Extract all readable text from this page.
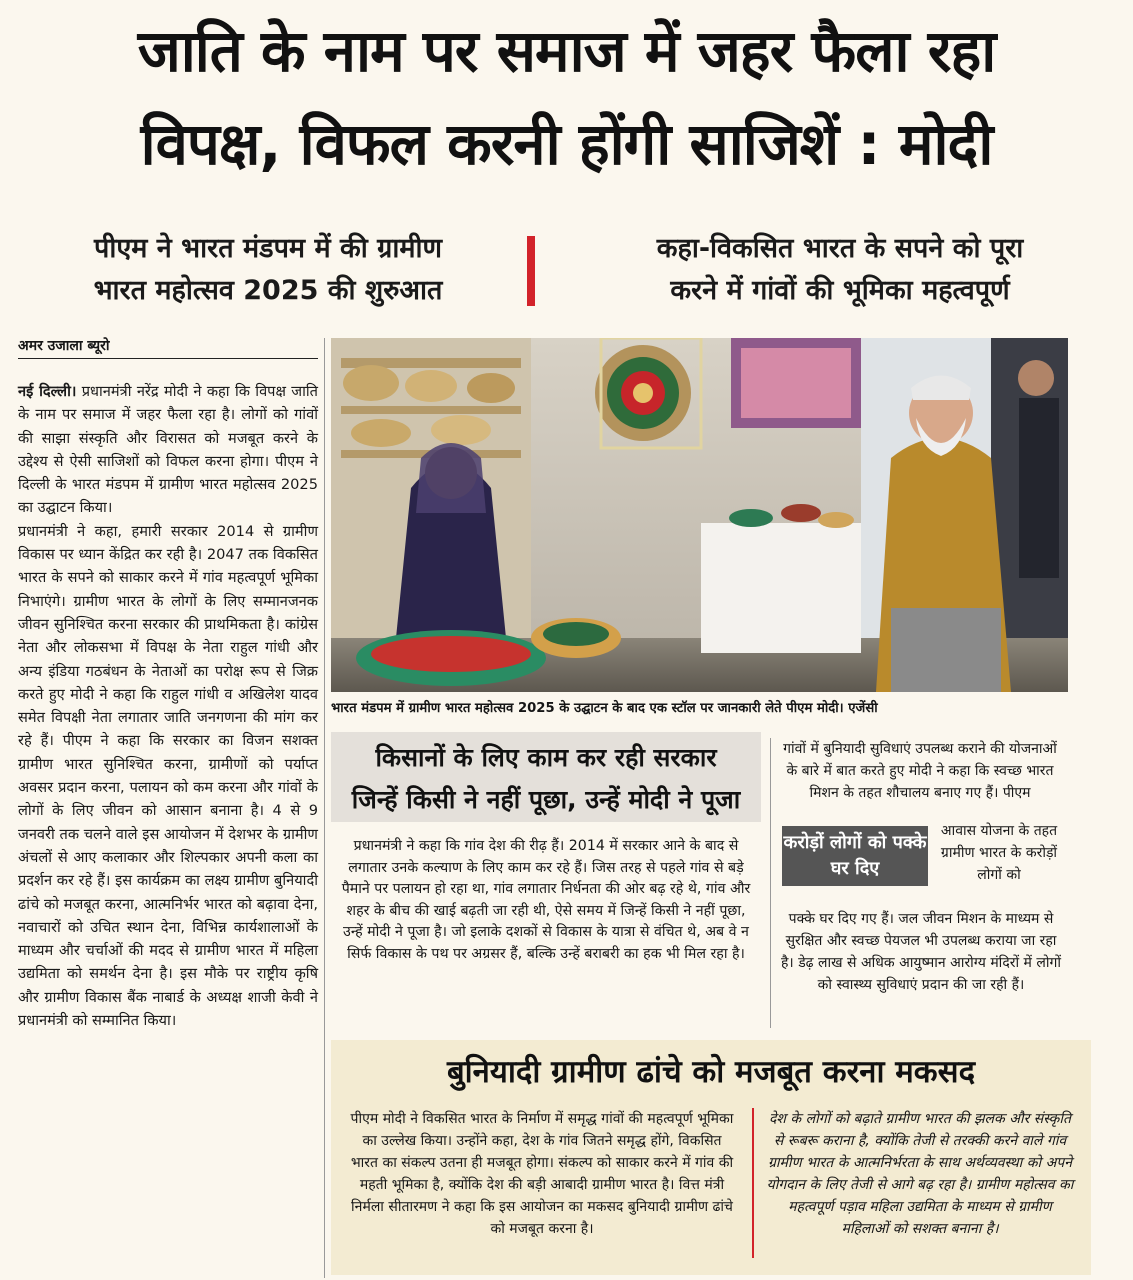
जाति के नाम पर समाज में जहर फैला रहा
विपक्ष, विफल करनी होंगी साजिशें : मोदी
पीएम ने भारत मंडपम में की ग्रामीण
भारत महोत्सव 2025 की शुरुआत
कहा-विकसित भारत के सपने को पूरा
करने में गांवों की भूमिका महत्वपूर्ण
अमर उजाला ब्यूरो

नई दिल्ली। प्रधानमंत्री नरेंद्र मोदी ने कहा कि विपक्ष जाति के नाम पर समाज में जहर फैला रहा है। लोगों को गांवों की साझा संस्कृति और विरासत को मजबूत करने के उद्देश्य से ऐसी साजिशों को विफल करना होगा। पीएम ने दिल्ली के भारत मंडपम में ग्रामीण भारत महोत्सव 2025 का उद्घाटन किया।

प्रधानमंत्री ने कहा, हमारी सरकार 2014 से ग्रामीण विकास पर ध्यान केंद्रित कर रही है। 2047 तक विकसित भारत के सपने को साकार करने में गांव महत्वपूर्ण भूमिका निभाएंगे। ग्रामीण भारत के लोगों के लिए सम्मानजनक जीवन सुनिश्चित करना सरकार की प्राथमिकता है। कांग्रेस नेता और लोकसभा में विपक्ष के नेता राहुल गांधी और अन्य इंडिया गठबंधन के नेताओं का परोक्ष रूप से जिक्र करते हुए मोदी ने कहा कि राहुल गांधी व अखिलेश यादव समेत विपक्षी नेता लगातार जाति जनगणना की मांग कर रहे हैं। पीएम ने कहा कि सरकार का विजन सशक्त ग्रामीण भारत सुनिश्चित करना, ग्रामीणों को पर्याप्त अवसर प्रदान करना, पलायन को कम करना और गांवों के लोगों के लिए जीवन को आसान बनाना है। 4 से 9 जनवरी तक चलने वाले इस आयोजन में देशभर के ग्रामीण अंचलों से आए कलाकार और शिल्पकार अपनी कला का प्रदर्शन कर रहे हैं। इस कार्यक्रम का लक्ष्य ग्रामीण बुनियादी ढांचे को मजबूत करना, आत्मनिर्भर भारत को बढ़ावा देना, नवाचारों को उचित स्थान देना, विभिन्न कार्यशालाओं के माध्यम और चर्चाओं की मदद से ग्रामीण भारत में महिला उद्यमिता को समर्थन देना है। इस मौके पर राष्ट्रीय कृषि और ग्रामीण विकास बैंक नाबार्ड के अध्यक्ष शाजी केवी ने प्रधानमंत्री को सम्मानित किया।

भारत मंडपम में ग्रामीण भारत महोत्सव 2025 के उद्घाटन के बाद एक स्टॉल पर जानकारी लेते पीएम मोदी। एजेंसी
किसानों के लिए काम कर रही सरकार
जिन्हें किसी ने नहीं पूछा, उन्हें मोदी ने पूजा
प्रधानमंत्री ने कहा कि गांव देश की रीढ़ हैं। 2014 में सरकार आने के बाद से लगातार उनके कल्याण के लिए काम कर रहे हैं। जिस तरह से पहले गांव से बड़े पैमाने पर पलायन हो रहा था, गांव लगातार निर्धनता की ओर बढ़ रहे थे, गांव और शहर के बीच की खाई बढ़ती जा रही थी, ऐसे समय में जिन्हें किसी ने नहीं पूछा, उन्हें मोदी ने पूजा है। जो इलाके दशकों से विकास के यात्रा से वंचित थे, अब वे न सिर्फ विकास के पथ पर अग्रसर हैं, बल्कि उन्हें बराबरी का हक भी मिल रहा है।
गांवों में बुनियादी सुविधाएं उपलब्ध कराने की योजनाओं के बारे में बात करते हुए मोदी ने कहा कि स्वच्छ भारत मिशन के तहत शौचालय बनाए गए हैं। पीएम
करोड़ों लोगों को पक्के घर दिए
आवास योजना के तहत ग्रामीण भारत के करोड़ों लोगों को
पक्के घर दिए गए हैं। जल जीवन मिशन के माध्यम से सुरक्षित और स्वच्छ पेयजल भी उपलब्ध कराया जा रहा है। डेढ़ लाख से अधिक आयुष्मान आरोग्य मंदिरों में लोगों को स्वास्थ्य सुविधाएं प्रदान की जा रही हैं।
बुनियादी ग्रामीण ढांचे को मजबूत करना मकसद
पीएम मोदी ने विकसित भारत के निर्माण में समृद्ध गांवों की महत्वपूर्ण भूमिका का उल्लेख किया। उन्होंने कहा, देश के गांव जितने समृद्ध होंगे, विकसित भारत का संकल्प उतना ही मजबूत होगा। संकल्प को साकार करने में गांव की महती भूमिका है, क्योंकि देश की बड़ी आबादी ग्रामीण भारत है। वित्त मंत्री निर्मला सीतारमण ने कहा कि इस आयोजन का मकसद बुनियादी ग्रामीण ढांचे को मजबूत करना है।
देश के लोगों को बढ़ाते ग्रामीण भारत की झलक और संस्कृति से रूबरू कराना है, क्योंकि तेजी से तरक्की करने वाले गांव ग्रामीण भारत के आत्मनिर्भरता के साथ अर्थव्यवस्था को अपने योगदान के लिए तेजी से आगे बढ़ रहा है। ग्रामीण महोत्सव का महत्वपूर्ण पड़ाव महिला उद्यमिता के माध्यम से ग्रामीण महिलाओं को सशक्त बनाना है।
